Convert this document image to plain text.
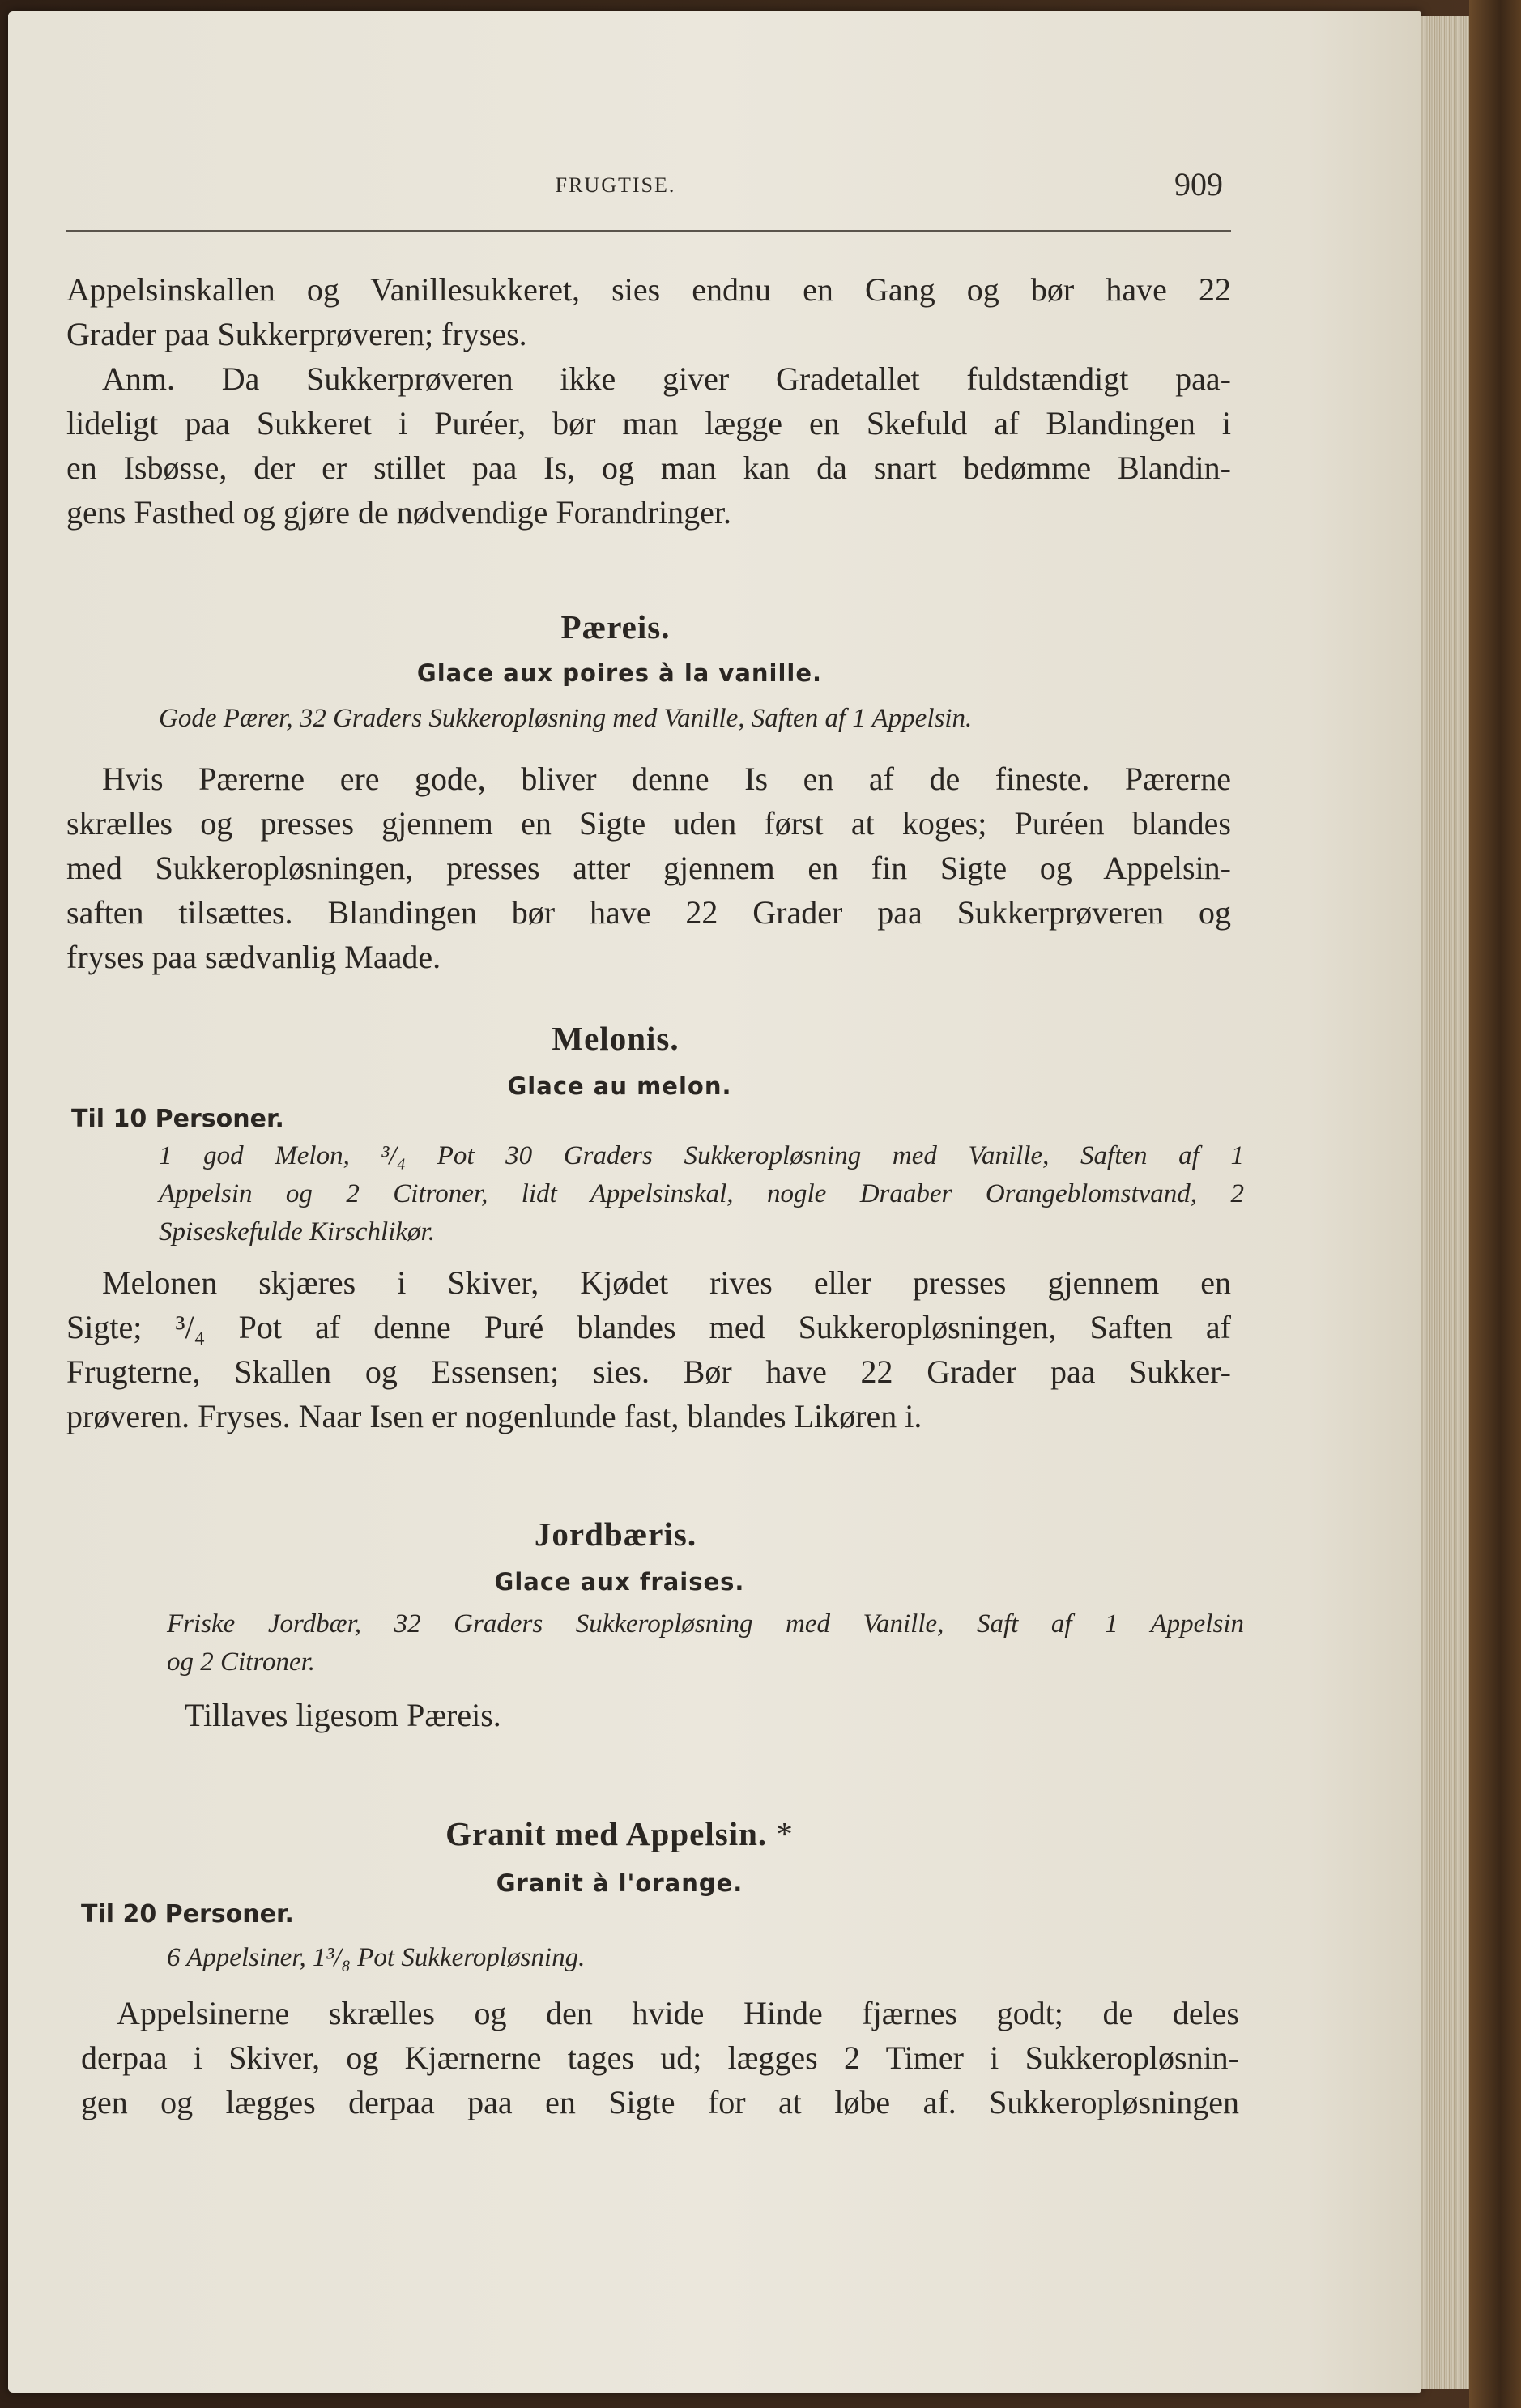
FRUGTISE.	909
Appelsinskallen og Vanillesukkeret, sies endnu en Gang og bør have 22
Grader paa Sukkerprøveren; fryses.
Anm. Da Sukkerprøveren ikke giver Gradetallet fuldstændigt paa-
lideligt paa Sukkeret i Puréer, bør man lægge en Skefuld af Blandingen i
en Isbøsse, der er stillet paa Is, og man kan da snart bedømme Blandin-
gens Fasthed og gjøre de nødvendige Forandringer.
Pæreis.
Glace aux poires à la vanille.
Gode Pærer, 32 Graders Sukkeropløsning med Vanille, Saften af 1 Appelsin.
Hvis Pærerne ere gode, bliver denne Is en af de fineste. Pærerne
skrælles og presses gjennem en Sigte uden først at koges; Puréen blandes
med Sukkeropløsningen, presses atter gjennem en fin Sigte og Appelsin-
saften tilsættes. Blandingen bør have 22 Grader paa Sukkerprøveren og
fryses paa sædvanlig Maade.
Melonis.
Glace au melon.
Til 10 Personer.
1 god Melon, ³/₄ Pot 30 Graders Sukkeropløsning med Vanille, Saften af 1
Appelsin og 2 Citroner, lidt Appelsinskal, nogle Draaber Orangeblomstvand, 2
Spiseskefulde Kirschlikør.
Melonen skjæres i Skiver, Kjødet rives eller presses gjennem en
Sigte; ³/₄ Pot af denne Puré blandes med Sukkeropløsningen, Saften af
Frugterne, Skallen og Essensen; sies. Bør have 22 Grader paa Sukker-
prøveren. Fryses. Naar Isen er nogenlunde fast, blandes Likøren i.
Jordbæris.
Glace aux fraises.
Friske Jordbær, 32 Graders Sukkeropløsning med Vanille, Saft af 1 Appelsin
og 2 Citroner.
Tillaves ligesom Pæreis.
Granit med Appelsin. *
Granit à l'orange.
Til 20 Personer.
6 Appelsiner, 1³/₈ Pot Sukkeropløsning.
Appelsinerne skrælles og den hvide Hinde fjærnes godt; de deles
derpaa i Skiver, og Kjærnerne tages ud; lægges 2 Timer i Sukkeropløsnin-
gen og lægges derpaa paa en Sigte for at løbe af. Sukkeropløsningen
